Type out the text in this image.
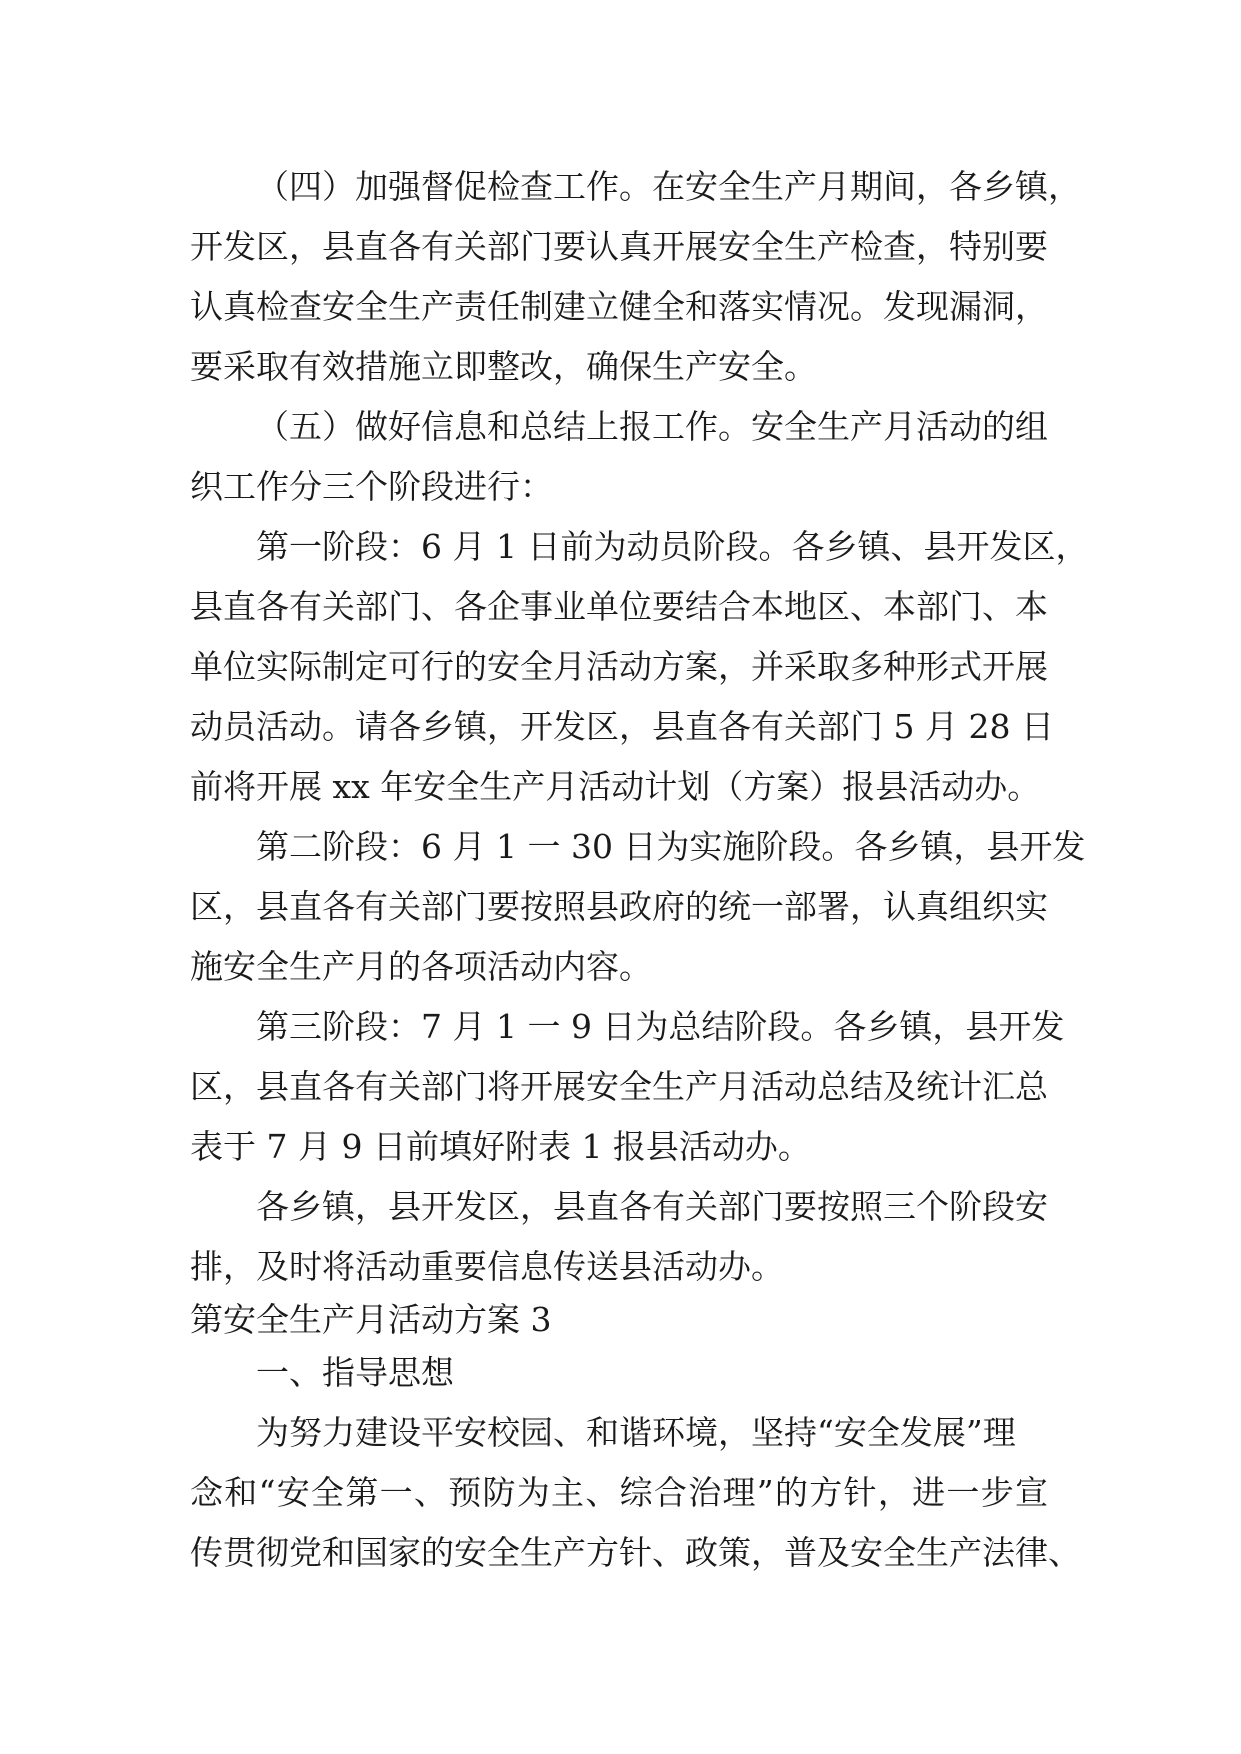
（四）加强督促检查工作。在安全生产月期间，各乡镇，

开发区，县直各有关部门要认真开展安全生产检查，特别要

认真检查安全生产责任制建立健全和落实情况。发现漏洞，

要采取有效措施立即整改，确保生产安全。

（五）做好信息和总结上报工作。安全生产月活动的组

织工作分三个阶段进行：

第一阶段：6 月 1 日前为动员阶段。各乡镇、县开发区，

县直各有关部门、各企事业单位要结合本地区、本部门、本

单位实际制定可行的安全月活动方案，并采取多种形式开展

动员活动。请各乡镇，开发区，县直各有关部门 5 月 28 日

前将开展 xx 年安全生产月活动计划（方案）报县活动办。

第二阶段：6 月 1 一 30 日为实施阶段。各乡镇，县开发

区，县直各有关部门要按照县政府的统一部署，认真组织实

施安全生产月的各项活动内容。

第三阶段：7 月 1 一 9 日为总结阶段。各乡镇，县开发

区，县直各有关部门将开展安全生产月活动总结及统计汇总

表于 7 月 9 日前填好附表 1 报县活动办。

各乡镇，县开发区，县直各有关部门要按照三个阶段安

排，及时将活动重要信息传送县活动办。

第安全生产月活动方案 3

一、指导思想

为努力建设平安校园、和谐环境，坚持“安全发展”理

念和“安全第一、预防为主、综合治理”的方针，进一步宣

传贯彻党和国家的安全生产方针、政策，普及安全生产法律、
